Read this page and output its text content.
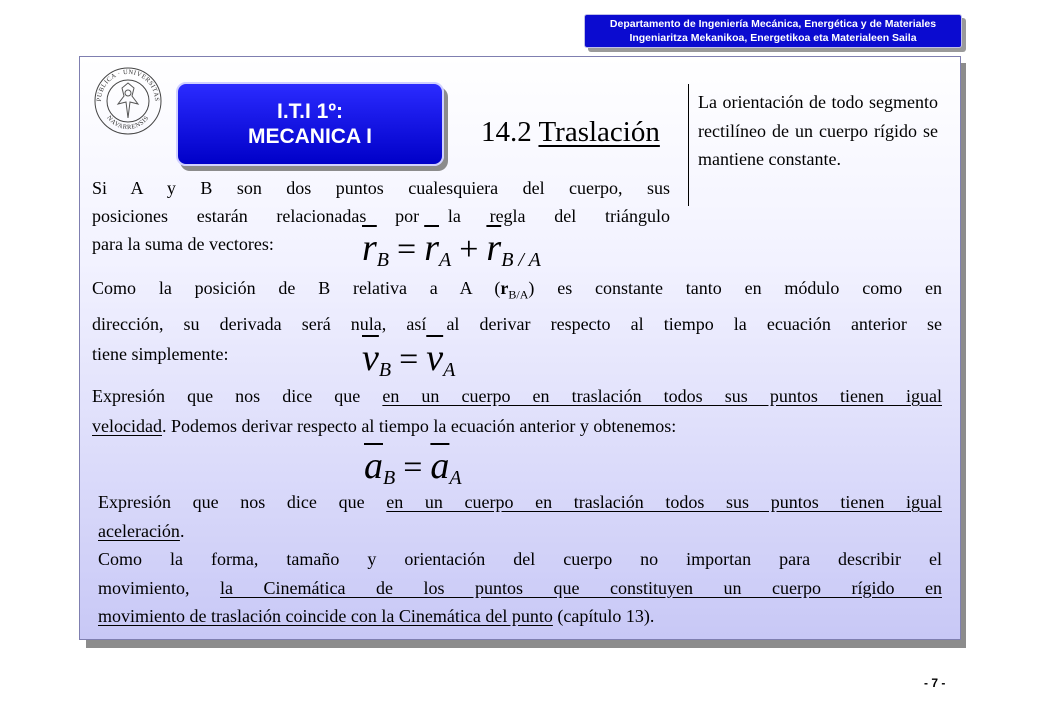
Departamento de Ingeniería Mecánica, Energética y de Materiales
Ingeniaritza Mekanikoa, Energetikoa eta Materialeen Saila
PUBLICA · UNIVERSITAS
NAVARRENSIS	I.T.I 1º:
MECANICA I	14.2 Traslación
La orientación de todo segmento rectilíneo de un cuerpo rígido se mantiene constante.
Si A y B son dos puntos cualesquiera del cuerpo, sus
posiciones estarán relacionadas por la regla del triángulo
para la suma de vectores:	$\overline{r}_B = \overline{r}_A + \overline{r}_{B / A}$
Como la posición de B relativa a A $(r_{B/A})$ es constante tanto en módulo como en
dirección, su derivada será nula, así al derivar respecto al tiempo la ecuación anterior se
tiene simplemente:	$\overline{v}_B = \overline{v}_A$
Expresión que nos dice que en un cuerpo en traslación todos sus puntos tienen igual
velocidad. Podemos derivar respecto al tiempo la ecuación anterior y obtenemos:
$\overline{a}_B = \overline{a}_A$
Expresión que nos dice que en un cuerpo en traslación todos sus puntos tienen igual
aceleración.
Como la forma, tamaño y orientación del cuerpo no importan para describir el
movimiento, la Cinemática de los puntos que constituyen un cuerpo rígido en
movimiento de traslación coincide con la Cinemática del punto (capítulo 13).
- 7 -
